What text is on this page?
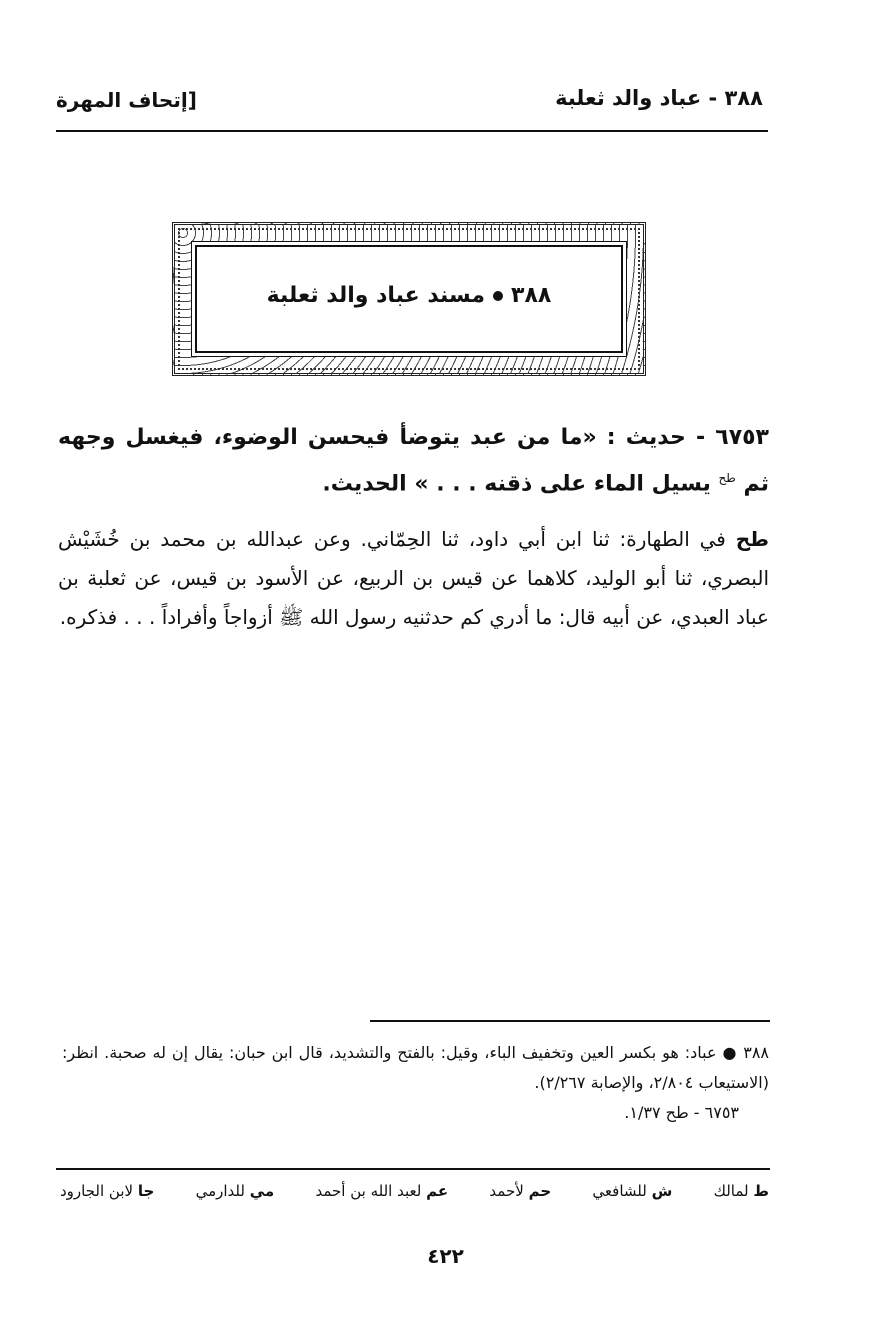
٣٨٨ - عباد والد ثعلبة
[إتحاف المهرة
٣٨٨مسند عباد والد ثعلبة
٦٧٥٣ - حديث : «ما من عبد يتوضأ فيحسن الوضوء، فيغسل وجهه ثم $^{طح}$ يسيل الماء على ذقنه . . . » الحديث.
طح في الطهارة: ثنا ابن أبي داود، ثنا الحِمّاني. وعن عبدالله بن محمد بن خُشَيْش البصري، ثنا أبو الوليد، كلاهما عن قيس بن الربيع، عن الأسود بن قيس، عن ثعلبة بن عباد العبدي، عن أبيه قال: ما أدري كم حدثنيه رسول الله ﷺ أزواجاً وأفراداً . . . فذكره.

٣٨٨ ● عباد: هو بكسر العين وتخفيف الباء، وقيل: بالفتح والتشديد، قال ابن حبان: يقال إن له صحبة. انظر: (الاستيعاب ٢/٨٠٤، والإصابة ٢/٢٦٧).

٦٧٥٣ - طح ١/٣٧.

ط لمالك
ش للشافعي
حم لأحمد
عم لعبد الله بن أحمد
مي للدارمي
جا لابن الجارود
٤٢٢
